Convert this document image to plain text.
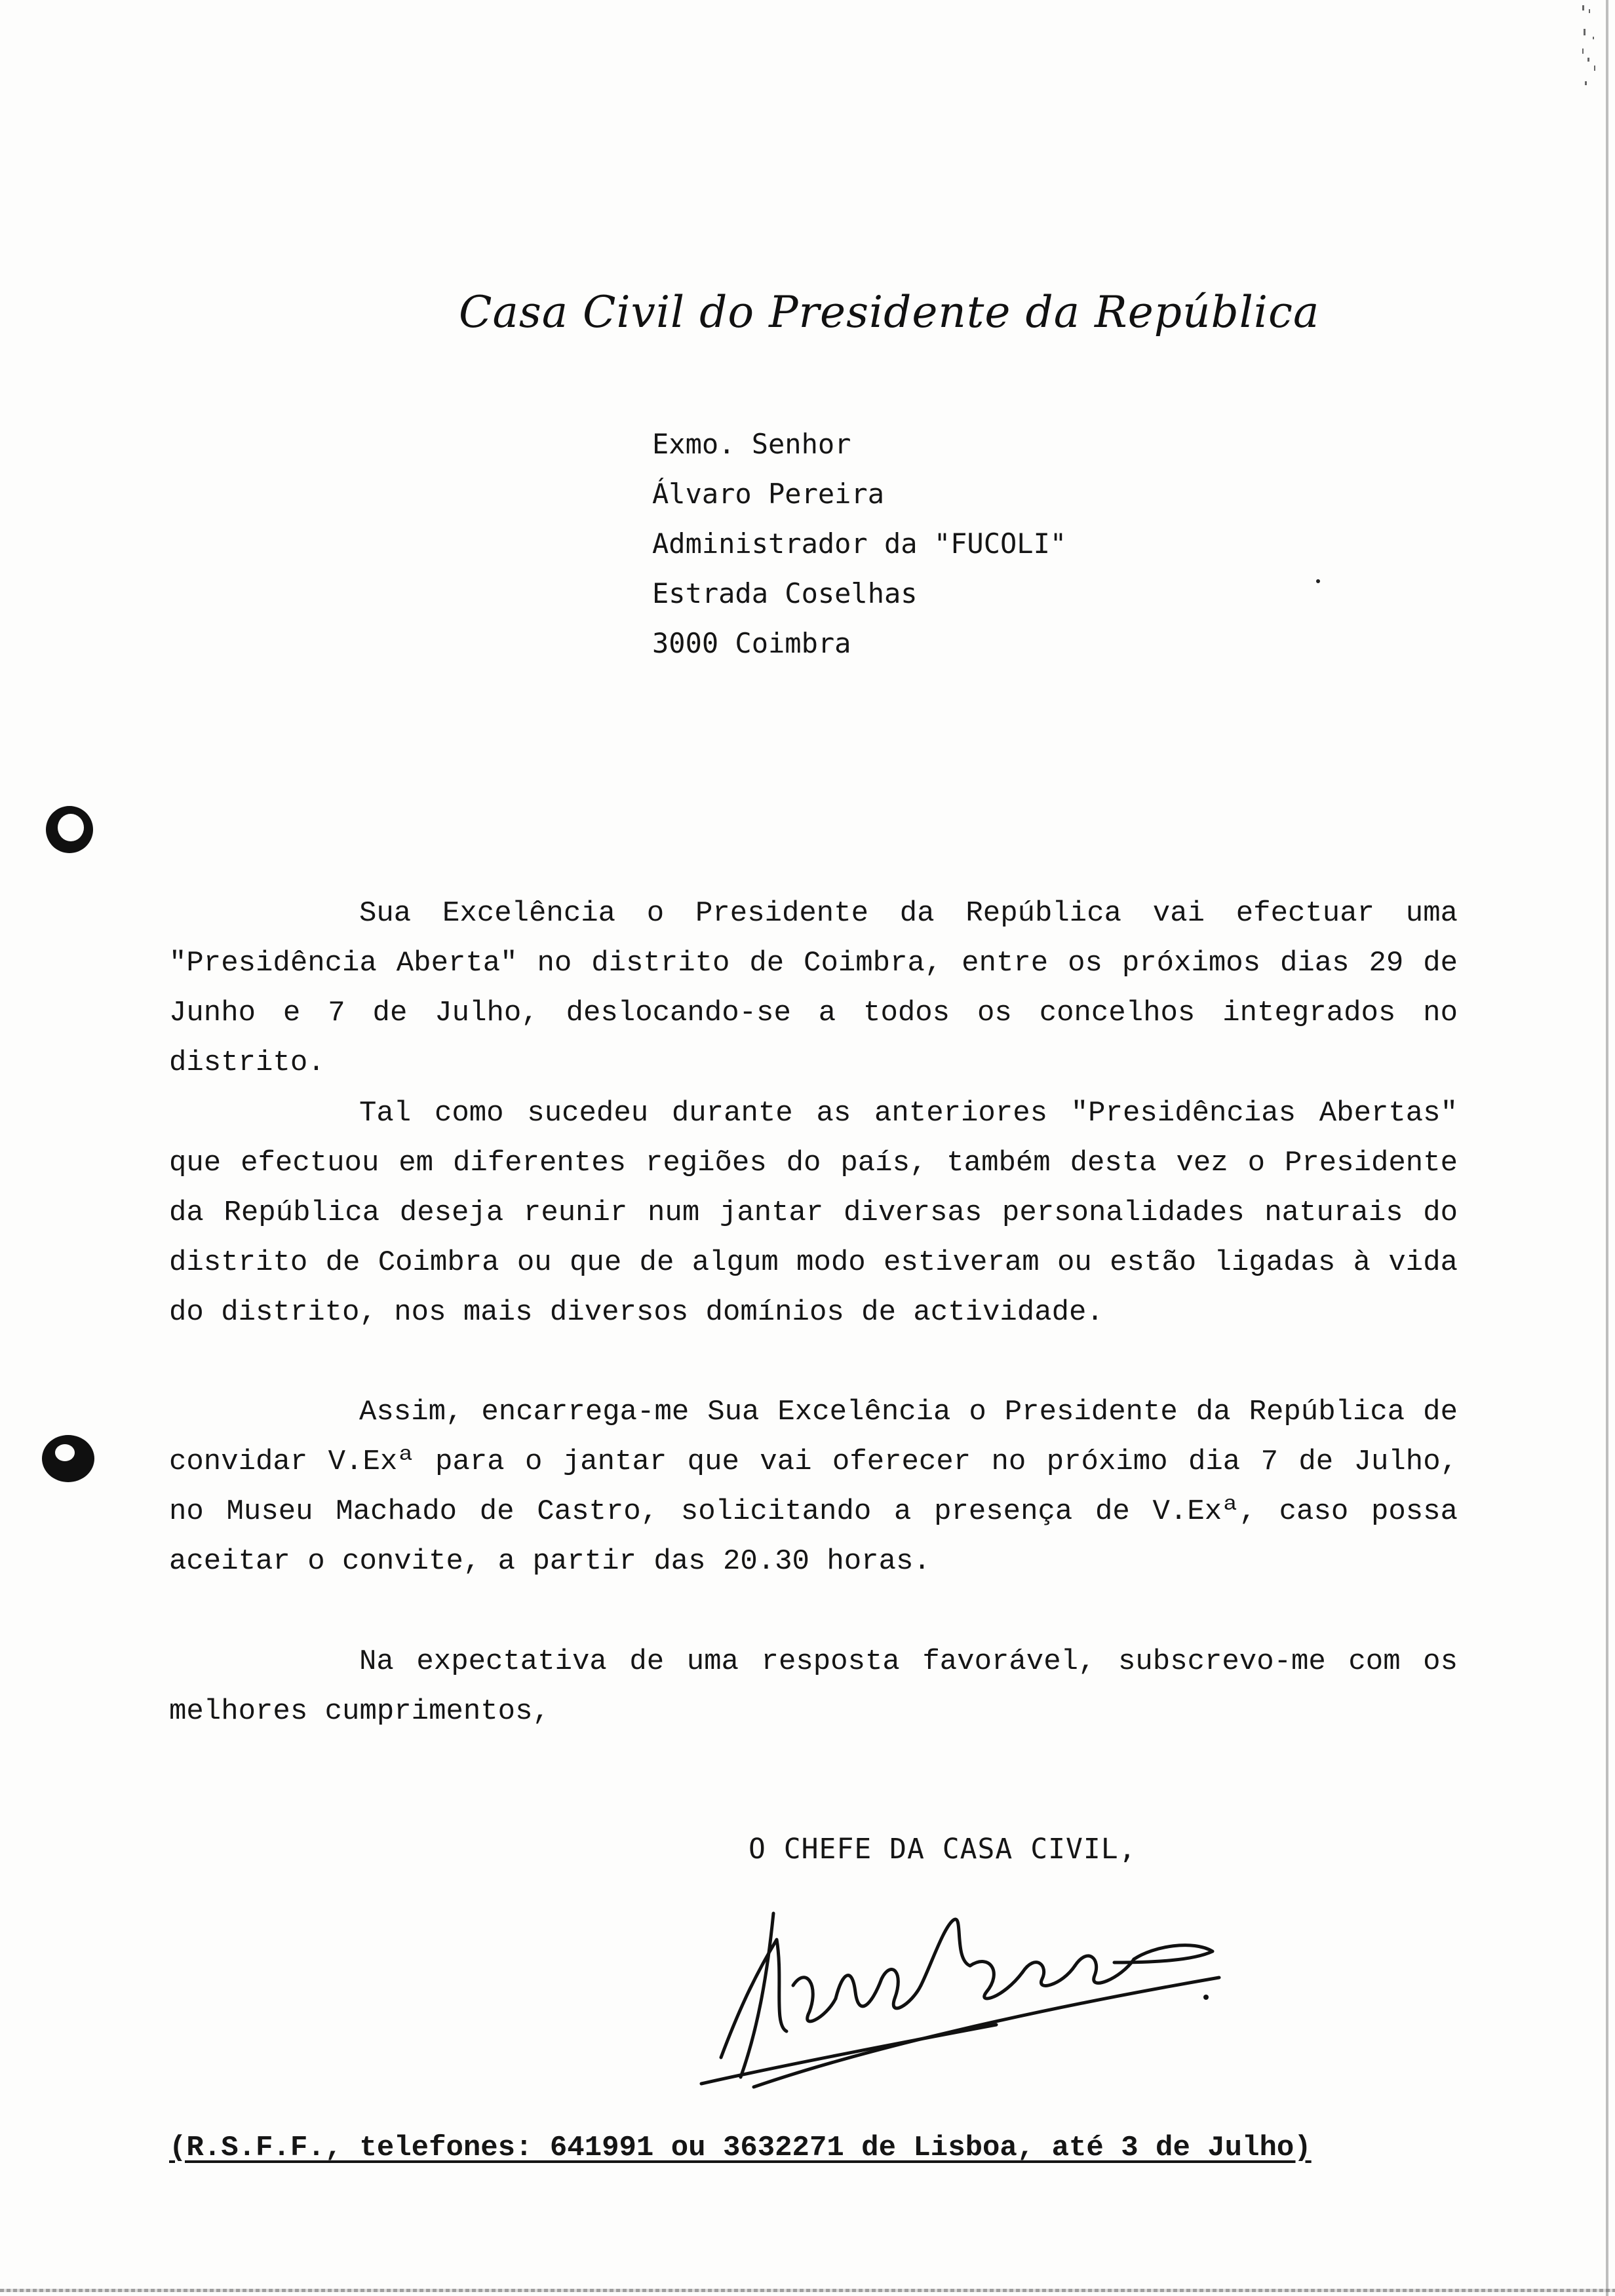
Casa Civil do Presidente da República
Exmo. Senhor
Álvaro Pereira
Administrador da "FUCOLI"
Estrada Coselhas
3000 Coimbra

Sua Excelência o Presidente da República vai efectuar uma "Presidência Aberta" no distrito de Coimbra, entre os próximos dias 29 de Junho e 7 de Julho, deslocando-se a todos os concelhos integrados no distrito.

Tal como sucedeu durante as anteriores "Presidências Abertas" que efectuou em diferentes regiões do país, também desta vez o Presidente da República deseja reunir num jantar diversas personalidades naturais do distrito de Coimbra ou que de algum modo estiveram ou estão ligadas à vida do distrito, nos mais diversos domínios de actividade.

Assim, encarrega-me Sua Excelência o Presidente da República de convidar V.Exª para o jantar que vai oferecer no próximo dia 7 de Julho, no Museu Machado de Castro, solicitando a presença de V.Exª, caso possa aceitar o convite, a partir das 20.30 horas.

Na expectativa de uma resposta favorável, subscrevo-me com os melhores cumprimentos,

O CHEFE DA CASA CIVIL,
(R.S.F.F., telefones: 641991 ou 3632271 de Lisboa, até 3 de Julho)
